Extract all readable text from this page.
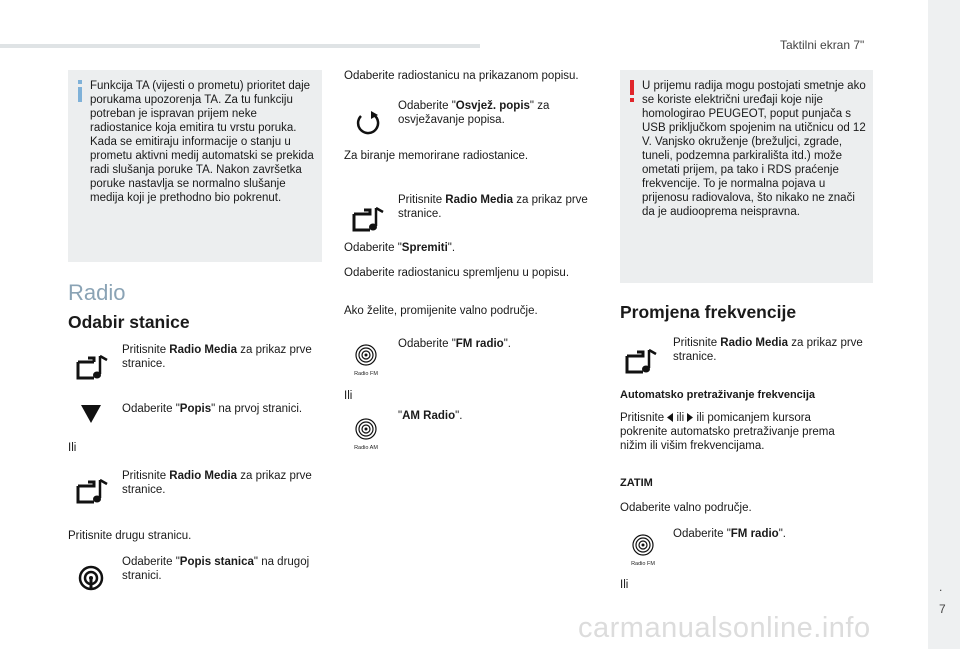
Taktilni ekran 7"
.
7
Funkcija TA (vijesti o prometu) prioritet daje porukama upozorenja TA. Za tu funkciju potreban je ispravan prijem neke radiostanice koja emitira tu vrstu poruka. Kada se emitiraju informacije o stanju u prometu aktivni medij automatski se prekida radi slušanja poruke TA. Nakon završetka poruke nastavlja se normalno slušanje medija koji je prethodno bio pokrenut.
Radio
Odabir stanice
Pritisnite Radio Media za prikaz prve stranice.
Odaberite "Popis" na prvoj stranici.
Ili
Pritisnite Radio Media za prikaz prve stranice.
Pritisnite drugu stranicu.
Odaberite "Popis stanica" na drugoj stranici.
Odaberite radiostanicu na prikazanom popisu.
Odaberite "Osvjež. popis" za osvježavanje popisa.
Za biranje memorirane radiostanice.
Pritisnite Radio Media za prikaz prve stranice.
Odaberite "Spremiti".
Odaberite radiostanicu spremljenu u popisu.
Ako želite, promijenite valno područje.
Radio FM
Odaberite "FM radio".
Ili
Radio AM
"AM Radio".
U prijemu radija mogu postojati smetnje ako se koriste električni uređaji koje nije homologirao PEUGEOT, poput punjača s USB priključkom spojenim na utičnicu od 12 V. Vanjsko okruženje (brežuljci, zgrade, tuneli, podzemna parkirališta itd.) može ometati prijem, pa tako i RDS praćenje frekvencije. To je normalna pojava u prijenosu radiovalova, što nikako ne znači da je audiooprema neispravna.
Promjena frekvencije
Pritisnite Radio Media za prikaz prve stranice.
Automatsko pretraživanje frekvencija
Pritisnite  ili  ili pomicanjem kursora pokrenite automatsko pretraživanje prema nižim ili višim frekvencijama.
ZATIM
Odaberite valno područje.
Radio FM
Odaberite "FM radio".
Ili
carmanualsonline.info
